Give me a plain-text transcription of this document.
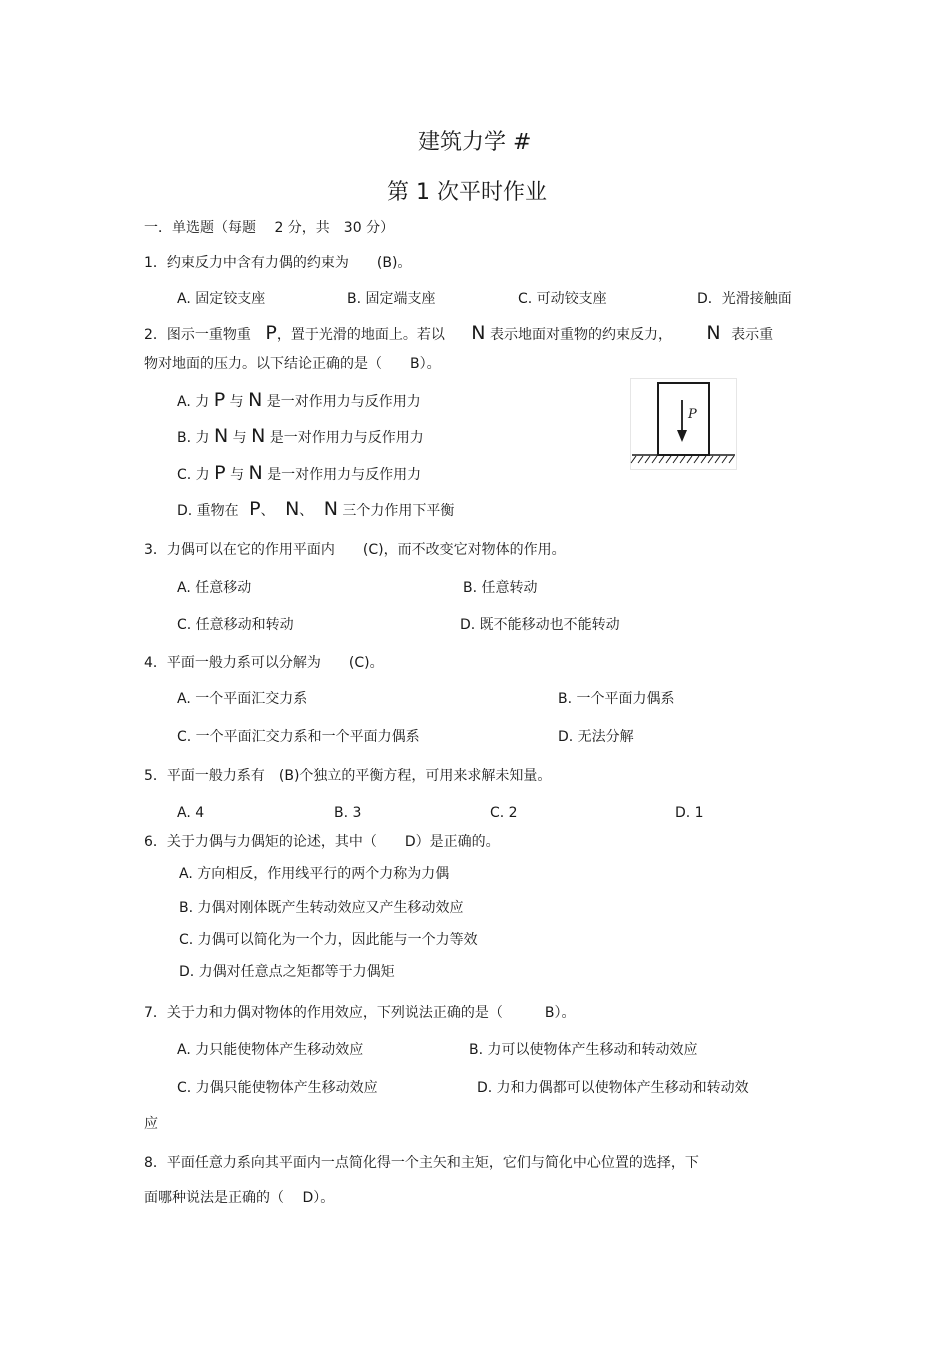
建筑力学 #
第 1 次平时作业
一．单选题（每题　 2 分，共　30 分）
1．约束反力中含有力偶的约束为　　(B)。
A. 固定铰支座	B. 固定端支座	C. 可动铰支座	D．光滑接触面
2．图示一重物重 P，置于光滑的地面上。若以 N 表示地面对重物的约束反力， N 表示重
物对地面的压力。以下结论正确的是（　　B）。
A. 力 P 与 N 是一对作用力与反作用力
B. 力 N 与 N 是一对作用力与反作用力
C. 力 P 与 N 是一对作用力与反作用力
D. 重物在 P、 N、 N 三个力作用下平衡
P
3．力偶可以在它的作用平面内　　(C)，而不改变它对物体的作用。
A. 任意移动	B. 任意转动
C. 任意移动和转动	D. 既不能移动也不能转动
4．平面一般力系可以分解为　　(C)。
A. 一个平面汇交力系	B. 一个平面力偶系
C. 一个平面汇交力系和一个平面力偶系	D. 无法分解
5．平面一般力系有　(B)个独立的平衡方程，可用来求解未知量。
A. 4	B. 3	C. 2	D. 1
6．关于力偶与力偶矩的论述，其中（　　D）是正确的。
A. 方向相反，作用线平行的两个力称为力偶
B. 力偶对刚体既产生转动效应又产生移动效应
C. 力偶可以简化为一个力，因此能与一个力等效
D. 力偶对任意点之矩都等于力偶矩
7．关于力和力偶对物体的作用效应，下列说法正确的是（　　　B）。
A. 力只能使物体产生移动效应	B. 力可以使物体产生移动和转动效应
C. 力偶只能使物体产生移动效应	D. 力和力偶都可以使物体产生移动和转动效
应
8．平面任意力系向其平面内一点简化得一个主矢和主矩，它们与简化中心位置的选择，下
面哪种说法是正确的（　 D）。
